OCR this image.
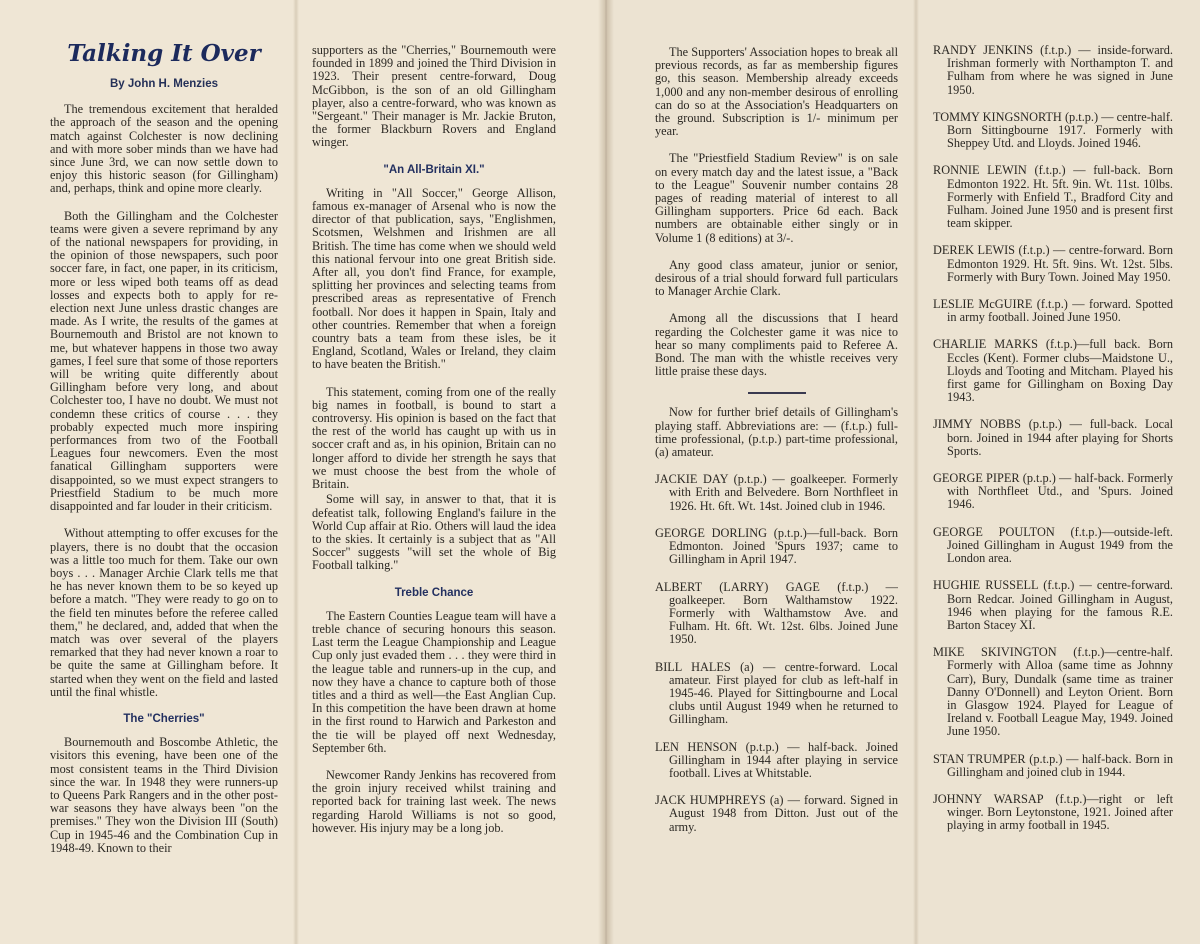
Talking It Over
By John H. Menzies

The tremendous excitement that heralded the approach of the season and the opening match against Colchester is now declining and with more sober minds than we have had since June 3rd, we can now settle down to enjoy this historic season (for Gillingham) and, perhaps, think and opine more clearly.

Both the Gillingham and the Colchester teams were given a severe reprimand by any of the national newspapers for providing, in the opinion of those newspapers, such poor soccer fare, in fact, one paper, in its criticism, more or less wiped both teams off as dead losses and expects both to apply for re-election next June unless drastic changes are made. As I write, the results of the games at Bournemouth and Bristol are not known to me, but whatever happens in those two away games, I feel sure that some of those reporters will be writing quite differently about Gillingham before very long, and about Colchester too, I have no doubt. We must not condemn these critics of course . . . they probably expected much more inspiring performances from two of the Football Leagues four newcomers. Even the most fanatical Gillingham supporters were disappointed, so we must expect strangers to Priestfield Stadium to be much more disappointed and far louder in their criticism.

Without attempting to offer excuses for the players, there is no doubt that the occasion was a little too much for them. Take our own boys . . . Manager Archie Clark tells me that he has never known them to be so keyed up before a match. "They were ready to go on to the field ten minutes before the referee called them," he declared, and, added that when the match was over several of the players remarked that they had never known a roar to be quite the same at Gillingham before. It started when they went on the field and lasted until the final whistle.

The "Cherries"

Bournemouth and Boscombe Athletic, the visitors this evening, have been one of the most consistent teams in the Third Division since the war. In 1948 they were runners-up to Queens Park Rangers and in the other post-war seasons they have always been "on the premises." They won the Division III (South) Cup in 1945-46 and the Combination Cup in 1948-49. Known to their

supporters as the "Cherries," Bournemouth were founded in 1899 and joined the Third Division in 1923. Their present centre-forward, Doug McGibbon, is the son of an old Gillingham player, also a centre-forward, who was known as "Sergeant." Their manager is Mr. Jackie Bruton, the former Blackburn Rovers and England winger.

"An All-Britain XI."

Writing in "All Soccer," George Allison, famous ex-manager of Arsenal who is now the director of that publication, says, "Englishmen, Scotsmen, Welshmen and Irishmen are all British. The time has come when we should weld this national fervour into one great British side. After all, you don't find France, for example, splitting her provinces and selecting teams from prescribed areas as representative of French football. Nor does it happen in Spain, Italy and other countries. Remember that when a foreign country bats a team from these isles, be it England, Scotland, Wales or Ireland, they claim to have beaten the British."

This statement, coming from one of the really big names in football, is bound to start a controversy. His opinion is based on the fact that the rest of the world has caught up with us in soccer craft and as, in his opinion, Britain can no longer afford to divide her strength he says that we must choose the best from the whole of Britain.

Some will say, in answer to that, that it is defeatist talk, following England's failure in the World Cup affair at Rio. Others will laud the idea to the skies. It certainly is a subject that as "All Soccer" suggests "will set the whole of Big Football talking."

Treble Chance

The Eastern Counties League team will have a treble chance of securing honours this season. Last term the League Championship and League Cup only just evaded them . . . they were third in the league table and runners-up in the cup, and now they have a chance to capture both of those titles and a third as well—the East Anglian Cup. In this competition the have been drawn at home in the first round to Harwich and Parkeston and the tie will be played off next Wednesday, September 6th.

Newcomer Randy Jenkins has recovered from the groin injury received whilst training and reported back for training last week. The news regarding Harold Williams is not so good, however. His injury may be a long job.

The Supporters' Association hopes to break all previous records, as far as membership figures go, this season. Membership already exceeds 1,000 and any non-member desirous of enrolling can do so at the Association's Headquarters on the ground. Subscription is 1/- minimum per year.

The "Priestfield Stadium Review" is on sale on every match day and the latest issue, a "Back to the League" Souvenir number contains 28 pages of reading material of interest to all Gillingham supporters. Price 6d each. Back numbers are obtainable either singly or in Volume 1 (8 editions) at 3/-.

Any good class amateur, junior or senior, desirous of a trial should forward full particulars to Manager Archie Clark.

Among all the discussions that I heard regarding the Colchester game it was nice to hear so many compliments paid to Referee A. Bond. The man with the whistle receives very little praise these days.

Now for further brief details of Gillingham's playing staff. Abbreviations are: — (f.t.p.) full-time professional, (p.t.p.) part-time professional, (a) amateur.

JACKIE DAY (p.t.p.) — goalkeeper. Formerly with Erith and Belvedere. Born Northfleet in 1926. Ht. 6ft. Wt. 14st. Joined club in 1946.

GEORGE DORLING (p.t.p.)—full-back. Born Edmonton. Joined 'Spurs 1937; came to Gillingham in April 1947.

ALBERT (LARRY) GAGE (f.t.p.) — goalkeeper. Born Walthamstow 1922. Formerly with Walthamstow Ave. and Fulham. Ht. 6ft. Wt. 12st. 6lbs. Joined June 1950.

BILL HALES (a) — centre-forward. Local amateur. First played for club as left-half in 1945-46. Played for Sittingbourne and Local clubs until August 1949 when he returned to Gillingham.

LEN HENSON (p.t.p.) — half-back. Joined Gillingham in 1944 after playing in service football. Lives at Whitstable.

JACK HUMPHREYS (a) — forward. Signed in August 1948 from Ditton. Just out of the army.

RANDY JENKINS (f.t.p.) — inside-forward. Irishman formerly with Northampton T. and Fulham from where he was signed in June 1950.

TOMMY KINGSNORTH (p.t.p.) — centre-half. Born Sittingbourne 1917. Formerly with Sheppey Utd. and Lloyds. Joined 1946.

RONNIE LEWIN (f.t.p.) — full-back. Born Edmonton 1922. Ht. 5ft. 9in. Wt. 11st. 10lbs. Formerly with Enfield T., Bradford City and Fulham. Joined June 1950 and is present first team skipper.

DEREK LEWIS (f.t.p.) — centre-forward. Born Edmonton 1929. Ht. 5ft. 9ins. Wt. 12st. 5lbs. Formerly with Bury Town. Joined May 1950.

LESLIE McGUIRE (f.t.p.) — forward. Spotted in army football. Joined June 1950.

CHARLIE MARKS (f.t.p.)—full back. Born Eccles (Kent). Former clubs—Maidstone U., Lloyds and Tooting and Mitcham. Played his first game for Gillingham on Boxing Day 1943.

JIMMY NOBBS (p.t.p.) — full-back. Local born. Joined in 1944 after playing for Shorts Sports.

GEORGE PIPER (p.t.p.) — half-back. Formerly with Northfleet Utd., and 'Spurs. Joined 1946.

GEORGE POULTON (f.t.p.)—outside-left. Joined Gillingham in August 1949 from the London area.

HUGHIE RUSSELL (f.t.p.) — centre-forward. Born Redcar. Joined Gillingham in August, 1946 when playing for the famous R.E. Barton Stacey XI.

MIKE SKIVINGTON (f.t.p.)—centre-half. Formerly with Alloa (same time as Johnny Carr), Bury, Dundalk (same time as trainer Danny O'Donnell) and Leyton Orient. Born in Glasgow 1924. Played for League of Ireland v. Football League May, 1949. Joined June 1950.

STAN TRUMPER (p.t.p.) — half-back. Born in Gillingham and joined club in 1944.

JOHNNY WARSAP (f.t.p.)—right or left winger. Born Leytonstone, 1921. Joined after playing in army football in 1945.
